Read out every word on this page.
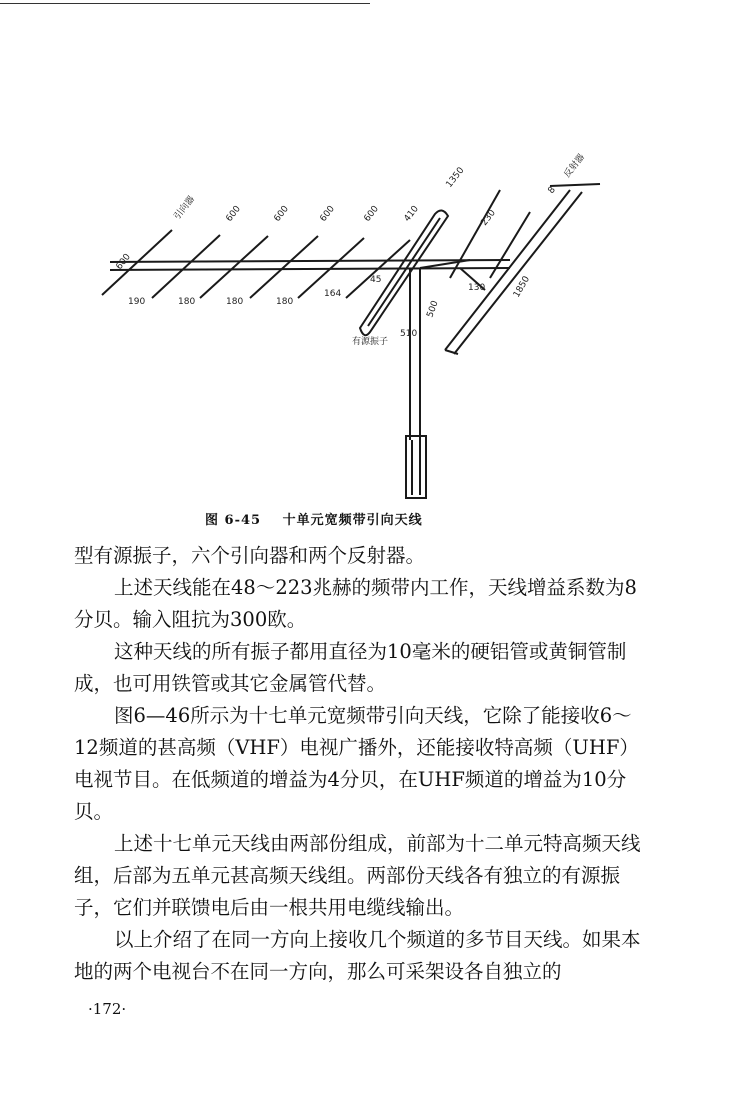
引向器
600
600	600	600	600 410
1350
230
1850
8
反射器
190	180	180	180
164
45
130
500
510
有源振子
图 6-45 十单元宽频带引向天线

型有源振子，六个引向器和两个反射器。

上述天线能在48～223兆赫的频带内工作，天线增益系数为8分贝。输入阻抗为300欧。

这种天线的所有振子都用直径为10毫米的硬铝管或黄铜管制成，也可用铁管或其它金属管代替。

图6—46所示为十七单元宽频带引向天线，它除了能接收6～12频道的甚高频（VHF）电视广播外，还能接收特高频（UHF）电视节目。在低频道的增益为4分贝，在UHF频道的增益为10分贝。

上述十七单元天线由两部份组成，前部为十二单元特高频天线组，后部为五单元甚高频天线组。两部份天线各有独立的有源振子，它们并联馈电后由一根共用电缆线输出。

以上介绍了在同一方向上接收几个频道的多节目天线。如果本地的两个电视台不在同一方向，那么可采架设各自独立的

·172·
